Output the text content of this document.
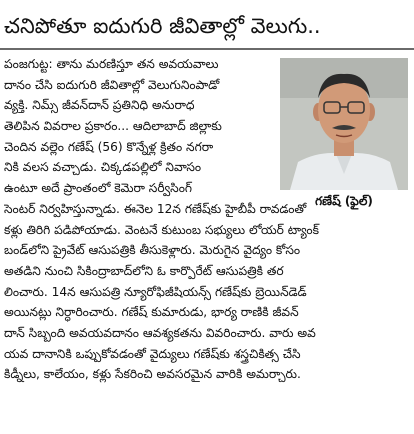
చనిపోతూ ఐదుగురి జీవితాల్లో వెలుగు..
గణేష్ (ఫైల్)
పంజగుట్ట: తాను మరణిస్తూ తన అవయవాలు
దానం చేసి ఐదుగురి జీవితాల్లో వెలుగునింపాడో
వ్యక్తి. నిమ్స్ జీవన్‌దాన్ ప్రతినిధి అనురాధ
తెలిపిన వివరాల ప్రకారం... ఆదిలాబాద్ జిల్లాకు
చెందిన వల్లెం గణేష్ (56) కొన్నేళ్ల క్రితం నగరా
నికి వలస వచ్చాడు. చిక్కడపల్లిలో నివాసం
ఉంటూ అదే ప్రాంతంలో కెమెరా సర్వీసింగ్
సెంటర్ నిర్వహిస్తున్నాడు. ఈనెల 12న గణేష్‌కు హైబీపీ రావడంతో
కళ్లు తిరిగి పడిపోయాడు. వెంటనే కుటుంబ సభ్యులు లోయర్ ట్యాంక్
బండ్‌లోని ప్రైవేట్ ఆసుపత్రికి తీసుకెళ్లారు. మెరుగైన వైద్యం కోసం
అతడిని నుంచి సికింద్రాబాద్‌లోని ఓ కార్పొరేట్ ఆసుపత్రికి తర
లించారు. 14న ఆసుపత్రి న్యూరోఫిజీషియన్స్ గణేష్‌కు బ్రెయిన్‌డెడ్
అయినట్లు నిర్ధారించారు. గణేష్ కుమారుడు, భార్య రాణికి జీవన్
దాన్ సిబ్బంది అవయవదానం ఆవశ్యకతను వివరించారు. వారు అవ
యవ దానానికి ఒప్పుకోవడంతో వైద్యులు గణేష్‌కు శస్త్రచికిత్స చేసి
కిడ్నీలు, కాలేయం, కళ్లు సేకరించి అవసరమైన వారికి అమర్చారు.
